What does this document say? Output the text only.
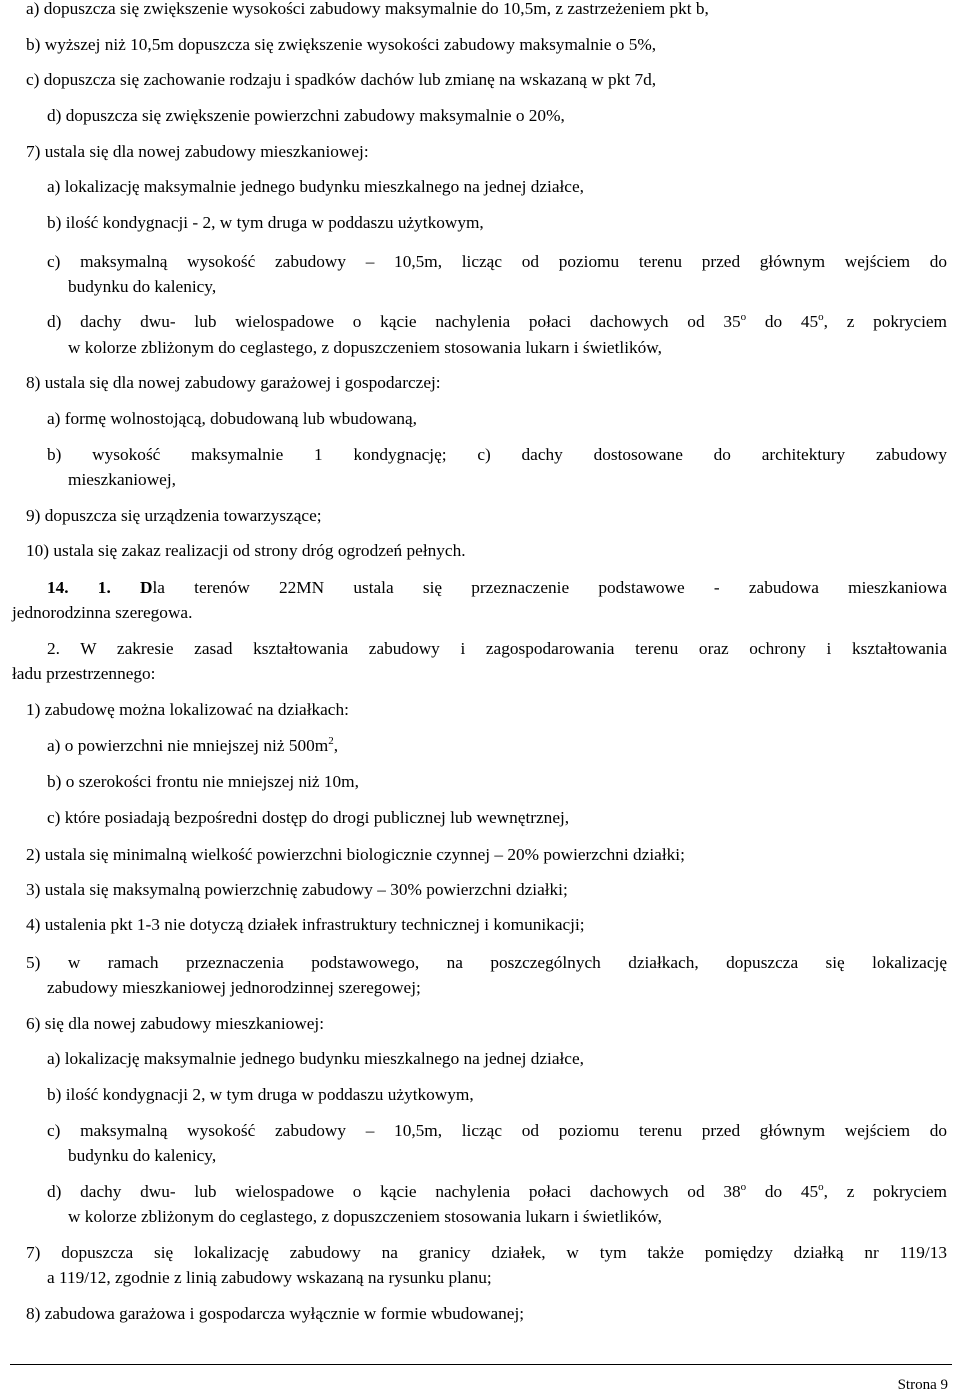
a) dopuszcza się zwiększenie wysokości zabudowy maksymalnie do 10,5m, z zastrzeżeniem pkt b,
b) wyższej niż 10,5m dopuszcza się zwiększenie wysokości zabudowy maksymalnie o 5%,
c) dopuszcza się zachowanie rodzaju i spadków dachów lub zmianę na wskazaną w pkt 7d,
d) dopuszcza się zwiększenie powierzchni zabudowy maksymalnie o 20%,
7) ustala się dla nowej zabudowy mieszkaniowej:
a) lokalizację maksymalnie jednego budynku mieszkalnego na jednej działce,
b) ilość kondygnacji - 2, w tym druga w poddaszu użytkowym,
c) maksymalną wysokość zabudowy – 10,5m, licząc od poziomu terenu przed głównym wejściem do
budynku do kalenicy,
d) dachy dwu- lub wielospadowe o kącie nachylenia połaci dachowych od 35$^o$ do 45$^o$, z pokryciem
w kolorze zbliżonym do ceglastego, z dopuszczeniem stosowania lukarn i świetlików,
8) ustala się dla nowej zabudowy garażowej i gospodarczej:
a) formę wolnostojącą, dobudowaną lub wbudowaną,
b) wysokość maksymalnie 1 kondygnację; c) dachy dostosowane do architektury zabudowy
mieszkaniowej,
9) dopuszcza się urządzenia towarzyszące;
10) ustala się zakaz realizacji od strony dróg ogrodzeń pełnych.
14. 1. Dla terenów 22MN ustala się przeznaczenie podstawowe - zabudowa mieszkaniowa
jednorodzinna szeregowa.
2. W zakresie zasad kształtowania zabudowy i zagospodarowania terenu oraz ochrony i kształtowania
ładu przestrzennego:
1) zabudowę można lokalizować na działkach:
a) o powierzchni nie mniejszej niż $500m^2$,
b) o szerokości frontu nie mniejszej niż 10m,
c) które posiadają bezpośredni dostęp do drogi publicznej lub wewnętrznej,
2) ustala się minimalną wielkość powierzchni biologicznie czynnej – 20% powierzchni działki;
3) ustala się maksymalną powierzchnię zabudowy – 30% powierzchni działki;
4) ustalenia pkt 1-3 nie dotyczą działek infrastruktury technicznej i komunikacji;
5) w ramach przeznaczenia podstawowego, na poszczególnych działkach, dopuszcza się lokalizację
zabudowy mieszkaniowej jednorodzinnej szeregowej;
6) się dla nowej zabudowy mieszkaniowej:
a) lokalizację maksymalnie jednego budynku mieszkalnego na jednej działce,
b) ilość kondygnacji 2, w tym druga w poddaszu użytkowym,
c) maksymalną wysokość zabudowy – 10,5m, licząc od poziomu terenu przed głównym wejściem do
budynku do kalenicy,
d) dachy dwu- lub wielospadowe o kącie nachylenia połaci dachowych od 38$^o$ do 45$^o$, z pokryciem
w kolorze zbliżonym do ceglastego, z dopuszczeniem stosowania lukarn i świetlików,
7) dopuszcza się lokalizację zabudowy na granicy działek, w tym także pomiędzy działką nr 119/13
a 119/12, zgodnie z linią zabudowy wskazaną na rysunku planu;
8) zabudowa garażowa i gospodarcza wyłącznie w formie wbudowanej;
Strona 9
